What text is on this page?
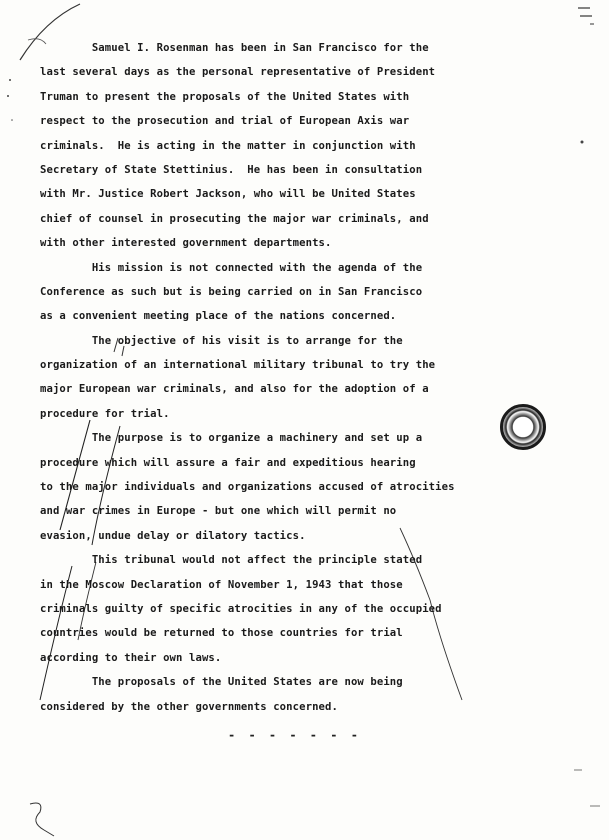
Samuel I. Rosenman has been in San Francisco for the
last several days as the personal representative of President
Truman to present the proposals of the United States with
respect to the prosecution and trial of European Axis war
criminals.  He is acting in the matter in conjunction with
Secretary of State Stettinius.  He has been in consultation
with Mr. Justice Robert Jackson, who will be United States
chief of counsel in prosecuting the major war criminals, and
with other interested government departments.
His mission is not connected with the agenda of the
Conference as such but is being carried on in San Francisco
as a convenient meeting place of the nations concerned.
The objective of his visit is to arrange for the
organization of an international military tribunal to try the
major European war criminals, and also for the adoption of a
procedure for trial.
The purpose is to organize a machinery and set up a
procedure which will assure a fair and expeditious hearing
to the major individuals and organizations accused of atrocities
and war crimes in Europe - but one which will permit no
evasion, undue delay or dilatory tactics.
This tribunal would not affect the principle stated
in the Moscow Declaration of November 1, 1943 that those
criminals guilty of specific atrocities in any of the occupied
countries would be returned to those countries for trial
according to their own laws.
The proposals of the United States are now being
considered by the other governments concerned.
- - - - - - -
